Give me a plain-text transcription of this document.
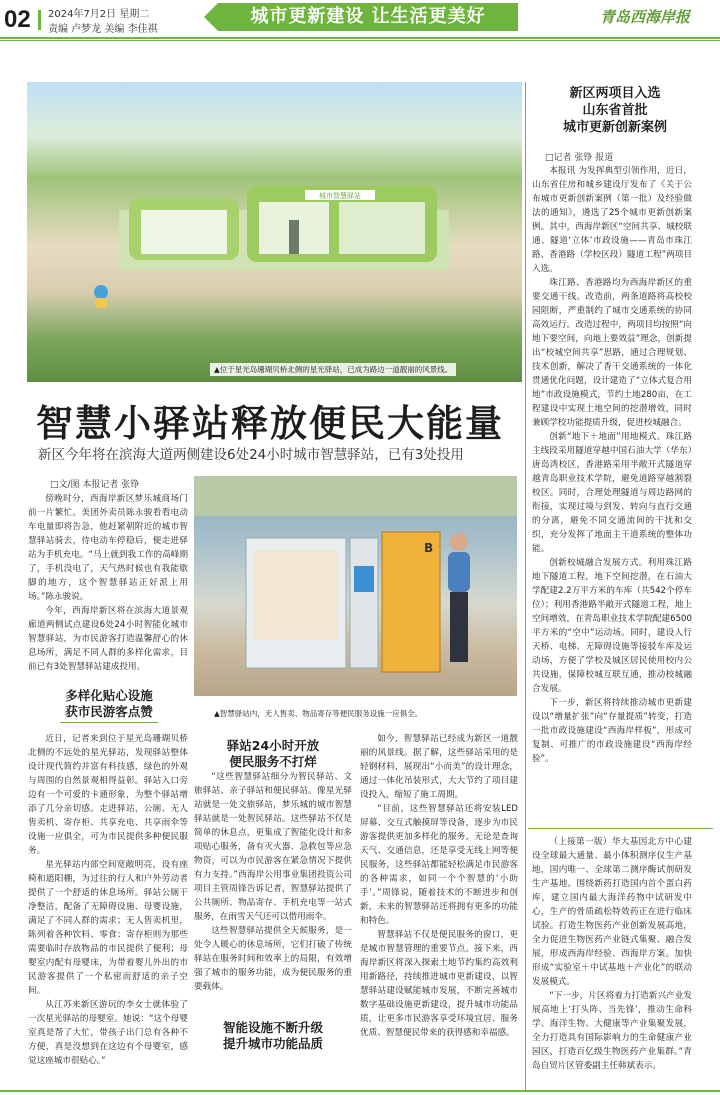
02 2024年7月2日 星期二
责编 卢梦龙 美编 李佳祺
城市更新建设 让生活更美好	青岛西海岸报
城市智慧驿站
▲位于星光岛珊瑚贝桥北侧的星光驿站，已成为路边一道靓丽的风景线。
智慧小驿站释放便民大能量
新区今年将在滨海大道两侧建设6处24小时城市智慧驿站，已有3处投用
□文/图 本报记者 张铮
B
▲智慧驿站内，无人售卖、物品寄存等便民服务设施一应俱全。

傍晚时分，西海岸新区梦乐城商场门前一片繁忙。美团外卖员陈永骏看看电动车电量即将告急，他赶紧朝附近的城市智慧驿站骑去，待电动车停稳后，便走进驿站为手机充电。“马上就到我工作的高峰期了，手机没电了，天气热时候也有我能歇脚的地方，这个智慧驿站正好派上用场。”陈永骏说。

今年，西海岸新区将在滨海大道景观廊道两侧试点建设6处24小时智能化城市智慧驿站，为市民游客打造温馨舒心的休息场所，满足不同人群的多样化需求，目前已有3处智慧驿站建成投用。

多样化贴心设施
获市民游客点赞

近日，记者来到位于星光岛珊瑚贝桥北侧的不远处的星光驿站，发现驿站整体设计现代简约并富有科技感，绿色的外观与周围的自然景观相得益彰。驿站入口旁边有一个可爱的卡通形象，为整个驿站增添了几分亲切感。走进驿站，公厕、无人售卖机、寄存柜、共享充电、共享雨伞等设施一应俱全，可为市民提供多种便民服务。

星光驿站内部空间宽敞明亮，设有座椅和遮阳棚，为过往的行人和户外劳动者提供了一个舒适的休息场所。驿站公厕干净整洁，配备了无障碍设施、母婴设施，满足了不同人群的需求；无人售卖机里，陈列着各种饮料、零食；寄存柜则为那些需要临时存放物品的市民提供了便利；母婴室内配有母婴床，为带着婴儿外出的市民游客提供了一个私密而舒适的亲子空间。

从江苏来新区游玩的李女士就体验了一次星光驿站的母婴室。她说：“这个母婴室真是帮了大忙，带孩子出门总有各种不方便，真是没想到在这边有个母婴室，感觉这座城市很贴心。”

驿站24小时开放
便民服务不打烊

“这些智慧驿站细分为智民驿站、文旅驿站、亲子驿站和便民驿站。像星光驿站就是一处文旅驿站，梦乐城的城市智慧驿站就是一处智民驿站。这些驿站不仅是简单的休息点，更集成了智能化设计和多项贴心服务，备有灭火器、急救包等应急物资，可以为市民游客在紧急情况下提供有力支持。”西海岸公用事业集团投资公司项目主管周锋告诉记者，智慧驿站提供了公共厕所、物品寄存、手机充电等一站式服务，在雨雪天气还可以借用雨伞。

这些智慧驿站提供全天候服务，是一处令人暖心的休息场所，它们打破了传统驿站在服务时间和效率上的局限，有效增强了城市的服务功能，成为便民服务的重要载体。

智能设施不断升级
提升城市功能品质

如今，智慧驿站已经成为新区一道靓丽的风景线。据了解，这些驿站采用的是轻钢材料，展现出“小而美”的设计理念，通过一体化吊装形式，大大节约了项目建设投入，缩短了施工周期。

“目前，这些智慧驿站还将安装LED屏幕、交互式触摸屏等设备，逐步为市民游客提供更加多样化的服务。无论是查询天气、交通信息，还是享受无线上网等便民服务，这些驿站都能轻松满足市民游客的各种需求，如同一个个智慧的‘小助手’。”周锋说，随着技术的不断进步和创新，未来的智慧驿站还将拥有更多的功能和特色。

智慧驿站不仅是便民服务的窗口，更是城市智慧管理的重要节点。接下来，西海岸新区将深入探索土地节约集约高效利用新路径，持续推进城市更新建设，以智慧驿站建设赋能城市发展，不断完善城市数字基础设施更新建设，提升城市功能品质，让更多市民游客享受环境宜居、服务优质、智慧便民带来的获得感和幸福感。

新区两项目入选
山东省首批
城市更新创新案例
□记者 张铮 报道

本报讯 为发挥典型引领作用，近日，山东省住房和城乡建设厅发布了《关于公布城市更新创新案例（第一批）及经验做法的通知》，遴选了25个城市更新创新案例。其中，西海岸新区“空间共享、城校联通、隧道‘立体’市政设施——青岛市珠江路、香港路（学校区段）隧道工程”两项目入选。

珠江路、香港路均为西海岸新区的重要交通干线。改造前，两条道路将高校校园阻断，严重制约了城市交通系统的协同高效运行。改造过程中，两项目均按照“向地下要空间，向地上要效益”理念，创新提出“校城空间共享”思路，通过合理规划、技术创新，解决了香干交通系统的一体化贯通优化问题，设计建造了“立体式复合用地”市政设施模式，节约土地280亩，在工程建设中实现土地空间的挖潜增效，同时兼顾学校功能提质升级，促进校城融合。

创新“地下＋地面”用地模式。珠江路主线段采用隧道穿越中国石油大学（华东）唐岛湾校区，香港路采用半敞开式隧道穿越青岛职业技术学院，避免道路穿越割裂校区。同时，合理处理隧道与周边路网的衔接，实现过境与到发、转向与直行交通的分离，避免不同交通流间的干扰和交织，充分发挥了地面主干道系统的整体功能。

创新校城融合发展方式。利用珠江路地下隧道工程，地下空间挖潜，在石油大学配建2.2万平方米的车库（共542个停车位）；利用香港路半敞开式隧道工程，地上空间增效，在青岛职业技术学院配建6500平方米的“空中”运动场。同时，建设人行天桥、电梯、无障碍设施等接驳车库及运动场，方便了学校及城区居民使用校内公共设施，保障校城互联互通，推动校城融合发展。

下一步，新区将持续推动城市更新建设以“增量扩张”向“存量提质”转变，打造一批市政设施建设“西海岸样板”，形成可复制、可推广的市政设施建设“西海岸经验”。

（上接第一版）华大基因北方中心建设全球最大通量、最小体积测序仪生产基地，国内唯一、全球第二测序酶试剂研发生产基地。围绕新药打造国内首个蛋白药库，建立国内最大海洋药物中试研发中心，生产的骨质疏松特效药正在进行临床试验。打造生物医药产业创新发展高地，全力促进生物医药产业链式集聚、融合发展，形成西海岸经验、西海岸方案。加快形成“实验室＋中试基地＋产业化”的联动发展模式。

“下一步，片区将着力打造新兴产业发展高地上‘打头阵、当先锋’，推动生命科学、海洋生物、大健康等产业集聚发展，全力打造具有国际影响力的生命健康产业园区，打造百亿级生物医药产业集群。”青岛自贸片区管委副主任韩斌表示。
